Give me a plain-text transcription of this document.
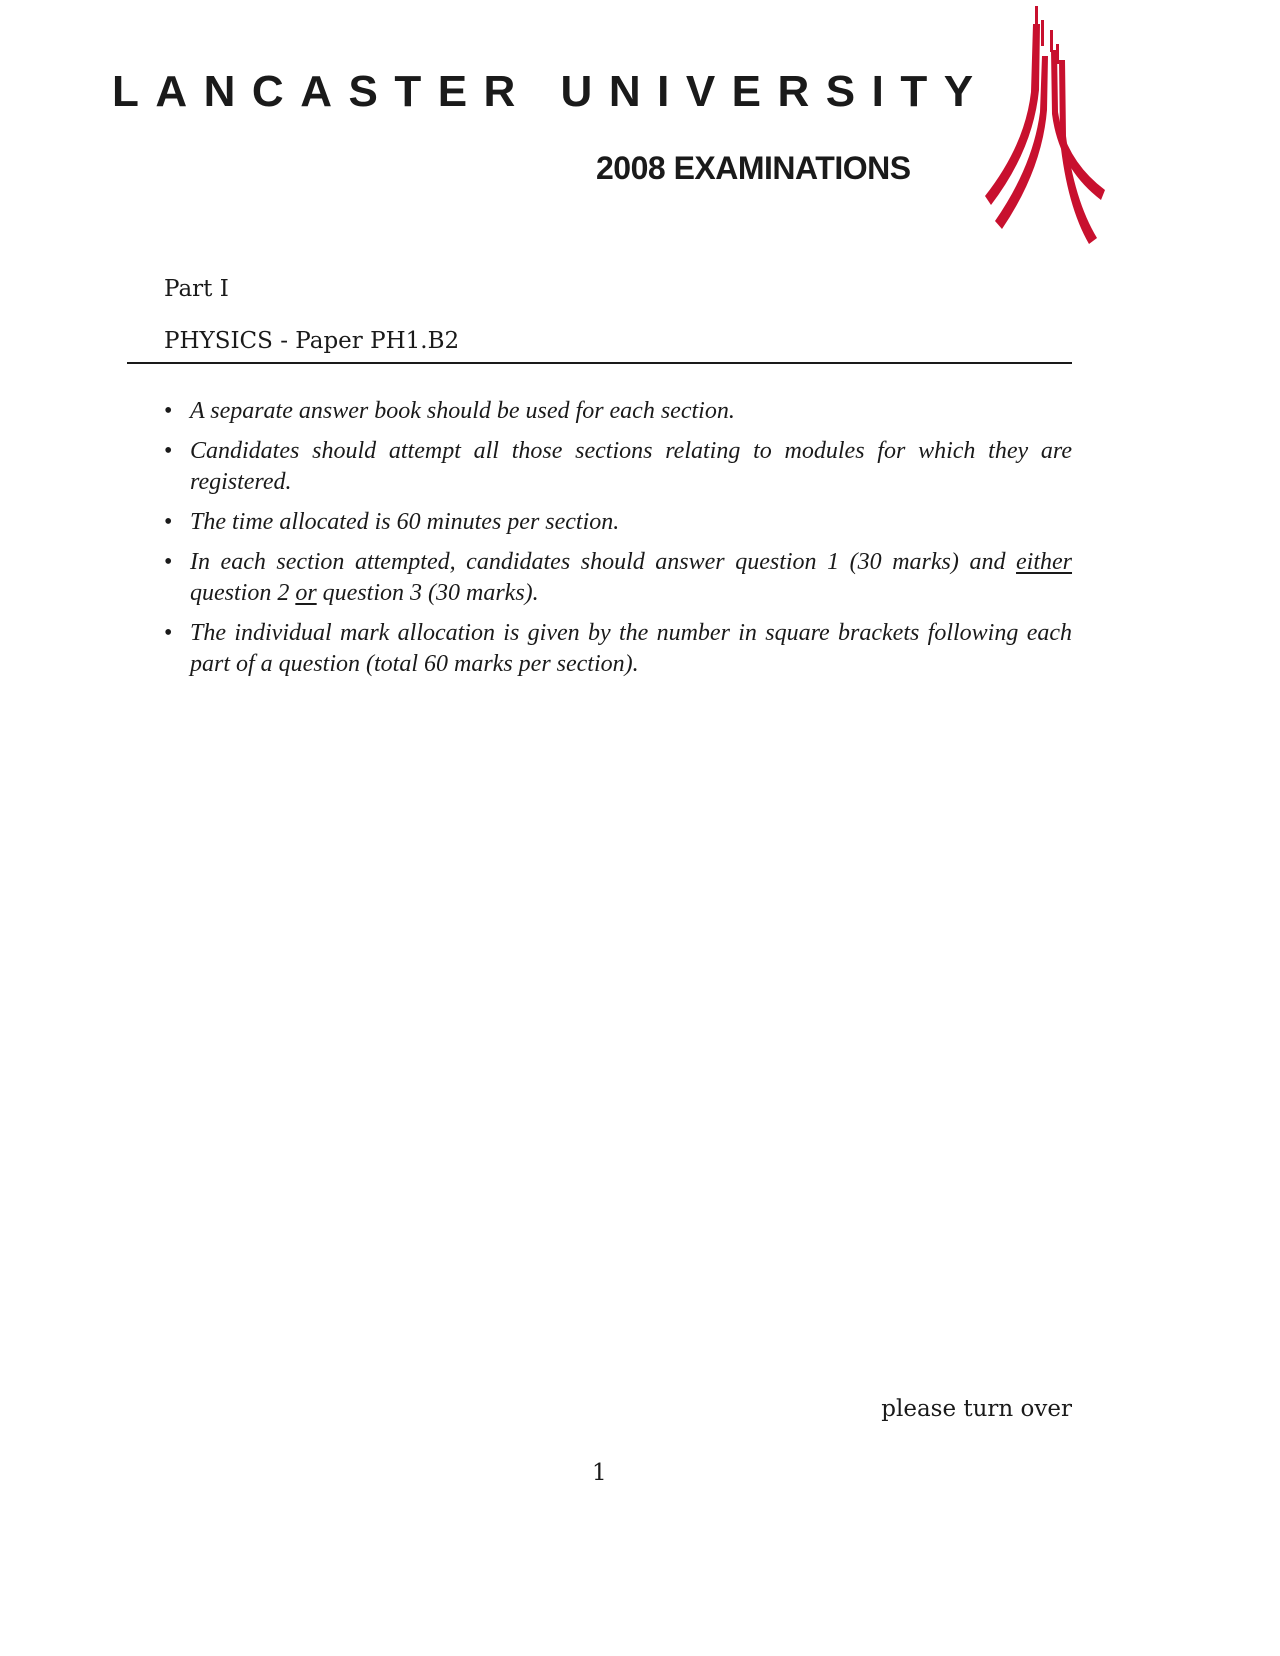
LANCASTER UNIVERSITY
2008 EXAMINATIONS
Part I
PHYSICS - Paper PH1.B2
• A separate answer book should be used for each section.
• Candidates should attempt all those sections relating to modules for which they are registered.
• The time allocated is 60 minutes per section.
• In each section attempted, candidates should answer question 1 (30 marks) and either question 2 or question 3 (30 marks).
• The individual mark allocation is given by the number in square brackets following each part of a question (total 60 marks per section).
please turn over
1
